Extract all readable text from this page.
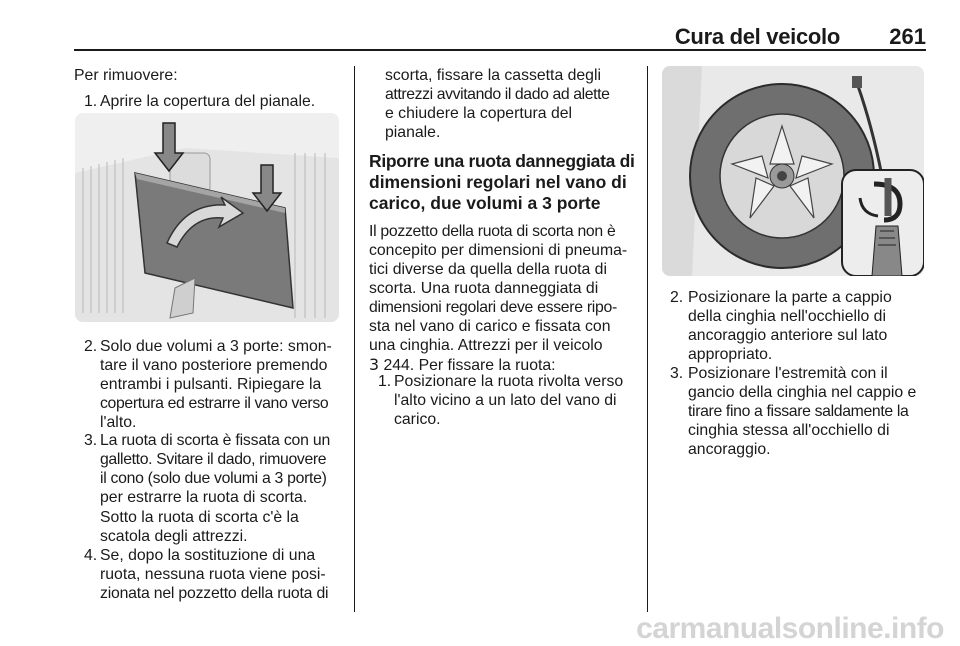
Cura del veicolo 261

Per rimuovere:

1. Aprire la copertura del pianale.
2. Solo due volumi a 3 porte: smon-
tare il vano posteriore premendo
entrambi i pulsanti. Ripiegare la
copertura ed estrarre il vano verso
l'alto.
3. La ruota di scorta è fissata con un
galletto. Svitare il dado, rimuovere
il cono (solo due volumi a 3 porte)
per estrarre la ruota di scorta.
Sotto la ruota di scorta c'è la
scatola degli attrezzi.
4. Se, dopo la sostituzione di una
ruota, nessuna ruota viene posi-
zionata nel pozzetto della ruota di
scorta, fissare la cassetta degli
attrezzi avvitando il dado ad alette
e chiudere la copertura del
pianale.
Riporre una ruota danneggiata di
dimensioni regolari nel vano di
carico, due volumi a 3 porte
Il pozzetto della ruota di scorta non è
concepito per dimensioni di pneuma-
tici diverse da quella della ruota di
scorta. Una ruota danneggiata di
dimensioni regolari deve essere ripo-
sta nel vano di carico e fissata con
una cinghia. Attrezzi per il veicolo
3 244. Per fissare la ruota:
1. Posizionare la ruota rivolta verso
l'alto vicino a un lato del vano di
carico.
2. Posizionare la parte a cappio
della cinghia nell'occhiello di
ancoraggio anteriore sul lato
appropriato.
3. Posizionare l'estremità con il
gancio della cinghia nel cappio e
tirare fino a fissare saldamente la
cinghia stessa all'occhiello di
ancoraggio.
carmanualsonline.info
